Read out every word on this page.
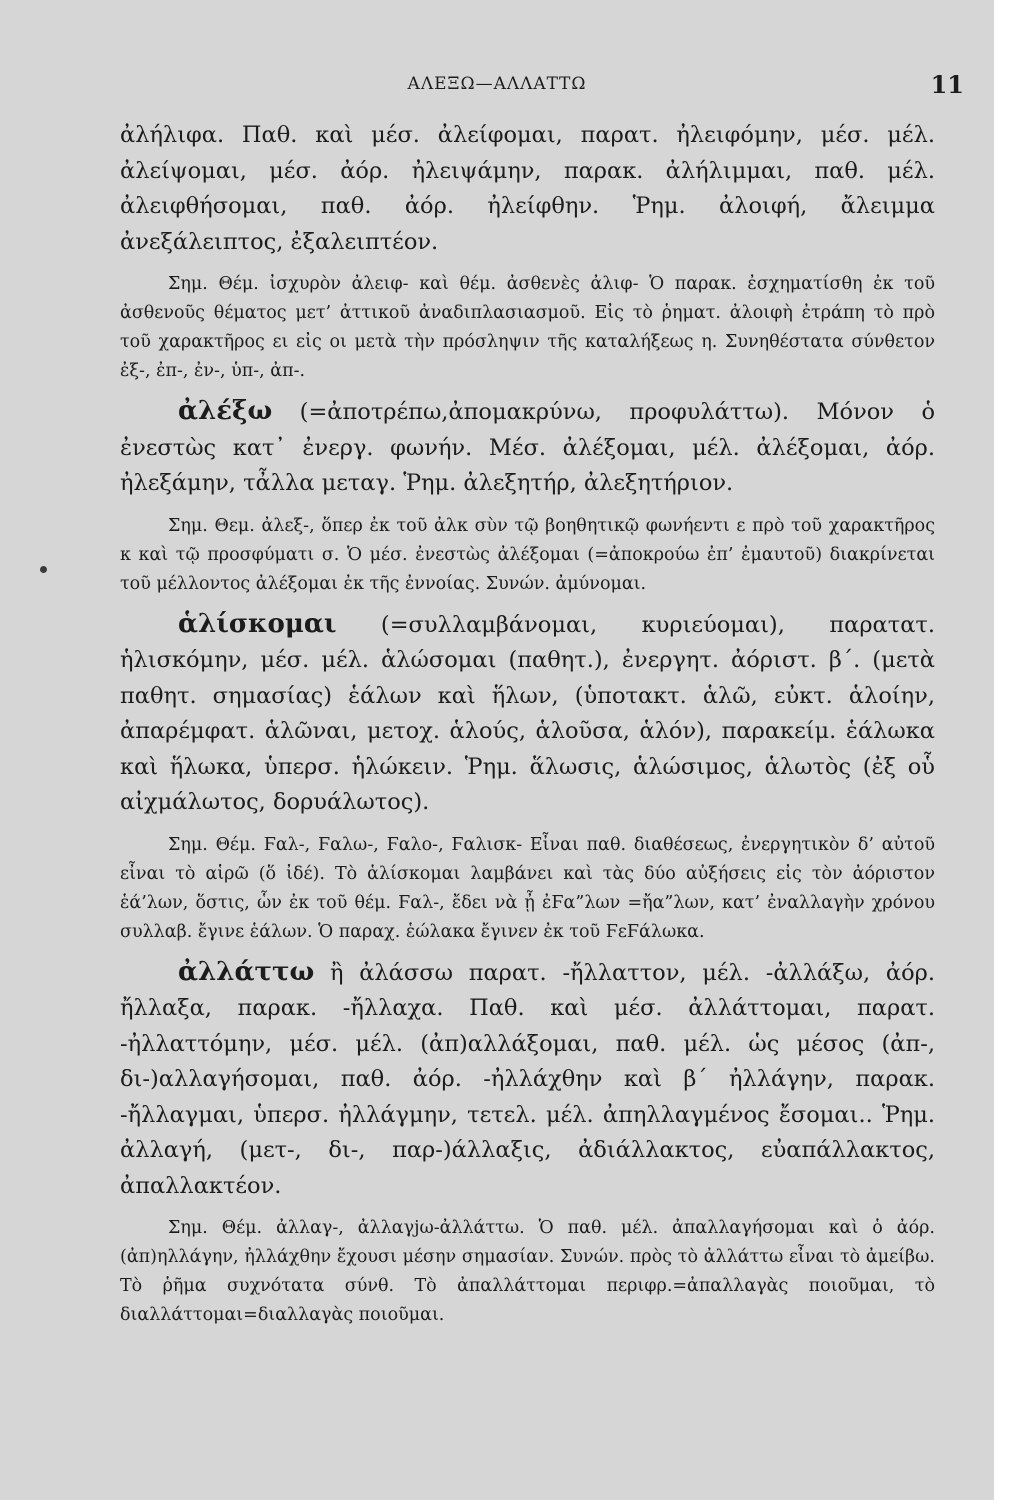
ΑΛΕΞΩ—ΑΛΛΑΤΤΩ	11

ἀλήλιφα. Παθ. καὶ μέσ. ἀλείφομαι, παρατ. ἠλειφόμην, μέσ. μέλ. ἀλείψομαι, μέσ. ἀόρ. ἠλειψάμην, παρακ. ἀλήλιμμαι, παθ. μέλ. ἀλειφθήσομαι, παθ. ἀόρ. ἠλείφθην. Ῥημ. ἀλοιφή, ἄλειμμα ἀνεξάλειπτος, ἐξαλειπτέον.

Σημ. Θέμ. ἰσχυρὸν ἀλειφ- καὶ θέμ. ἀσθενὲς ἀλιφ- Ὁ παρακ. ἐσχηματίσθη ἐκ τοῦ ἀσθενοῦς θέματος μετ’ ἀττικοῦ ἀναδιπλασιασμοῦ. Εἰς τὸ ῥηματ. ἀλοιφὴ ἐτράπη τὸ πρὸ τοῦ χαρακτῆρος ει εἰς οι μετὰ τὴν πρόσληψιν τῆς καταλήξεως η. Συνηθέστατα σύνθετον ἐξ-, ἐπ-, ἐν-, ὑπ-, ἀπ-.

ἀλέξω (=ἀποτρέπω,ἀπομακρύνω, προφυλάττω). Μόνον ὁ ἐνεστὼς κατ᾽ ἐνεργ. φωνήν. Μέσ. ἀλέξομαι, μέλ. ἀλέξομαι, ἀόρ. ἠλεξάμην, τἆλλα μεταγ. Ῥημ. ἀλεξητήρ, ἀλεξητήριον.

Σημ. Θεμ. ἀλεξ-, ὅπερ ἐκ τοῦ ἀλκ σὺν τῷ βοηθητικῷ φωνήεντι ε πρὸ τοῦ χαρακτῆρος κ καὶ τῷ προσφύματι σ. Ὁ μέσ. ἐνεστὼς ἀλέξομαι (=ἀποκρούω ἐπ’ ἐμαυτοῦ) διακρίνεται τοῦ μέλλοντος ἀλέξομαι ἐκ τῆς ἐννοίας. Συνών. ἀμύνομαι.

ἁλίσκομαι (=συλλαμβάνομαι, κυριεύομαι), παρατατ. ἡλισκόμην, μέσ. μέλ. ἁλώσομαι (παθητ.), ἐνεργητ. ἀόριστ. β΄. (μετὰ παθητ. σημασίας) ἑάλων καὶ ἥλων, (ὑποτακτ. ἁλῶ, εὐκτ. ἁλοίην, ἀπαρέμφατ. ἁλῶναι, μετοχ. ἁλούς, ἁλοῦσα, ἁλόν), παρακείμ. ἑάλωκα καὶ ἥλωκα, ὑπερσ. ἡλώκειν. Ῥημ. ἅλωσις, ἁλώσιμος, ἁλωτὸς (ἐξ οὗ αἰχμάλωτος, δορυάλωτος).

Σημ. Θέμ. Ϝαλ-, Ϝαλω-, Ϝαλο-, Ϝαλισκ- Εἶναι παθ. διαθέσεως, ἐνεργητικὸν δ’ αὐτοῦ εἶναι τὸ αἱρῶ (ὅ ἰδέ). Τὸ ἁλίσκομαι λαμβάνει καὶ τὰς δύο αὐξήσεις εἰς τὸν ἀόριστον ἑά’λων, ὅστις, ὧν ἐκ τοῦ θέμ. Ϝαλ-, ἔδει νὰ ᾖ ἐϜα”λων =ἤα”λων, κατ’ ἐναλλαγὴν χρόνου συλλαβ. ἔγινε ἑάλων. Ὁ παραχ. ἑώλακα ἔγινεν ἐκ τοῦ ϜεϜάλωκα.

ἀλλάττω ἢ ἀλάσσω παρατ. -ἤλλαττον, μέλ. -ἀλλάξω, ἀόρ. ἤλλαξα, παρακ. -ἤλλαχα. Παθ. καὶ μέσ. ἀλλάττομαι, παρατ. -ἠλλαττόμην, μέσ. μέλ. (ἀπ)αλλάξομαι, παθ. μέλ. ὡς μέσος (ἀπ-, δι-)αλλαγήσομαι, παθ. ἀόρ. -ἠλλάχθην καὶ β΄ ἠλλάγην, παρακ. -ἤλλαγμαι, ὑπερσ. ἠλλάγμην, τετελ. μέλ. ἀπηλλαγμένος ἔσομαι.. Ῥημ. ἀλλαγή, (μετ-, δι-, παρ-)άλλαξις, ἀδιάλλακτος, εὐαπάλλακτος, ἀπαλλακτέον.

Σημ. Θέμ. ἀλλαγ-, ἀλλαγjω-ἀλλάττω. Ὁ παθ. μέλ. ἀπαλλαγήσομαι καὶ ὁ ἀόρ. (ἀπ)ηλλάγην, ἠλλάχθην ἔχουσι μέσην σημασίαν. Συνών. πρὸς τὸ ἀλλάττω εἶναι τὸ ἀμείβω. Τὸ ῥῆμα συχνότατα σύνθ. Τὸ ἀπαλλάττομαι περιφρ.=ἀπαλλαγὰς ποιοῦμαι, τὸ διαλλάττομαι=διαλλαγὰς ποιοῦμαι.
